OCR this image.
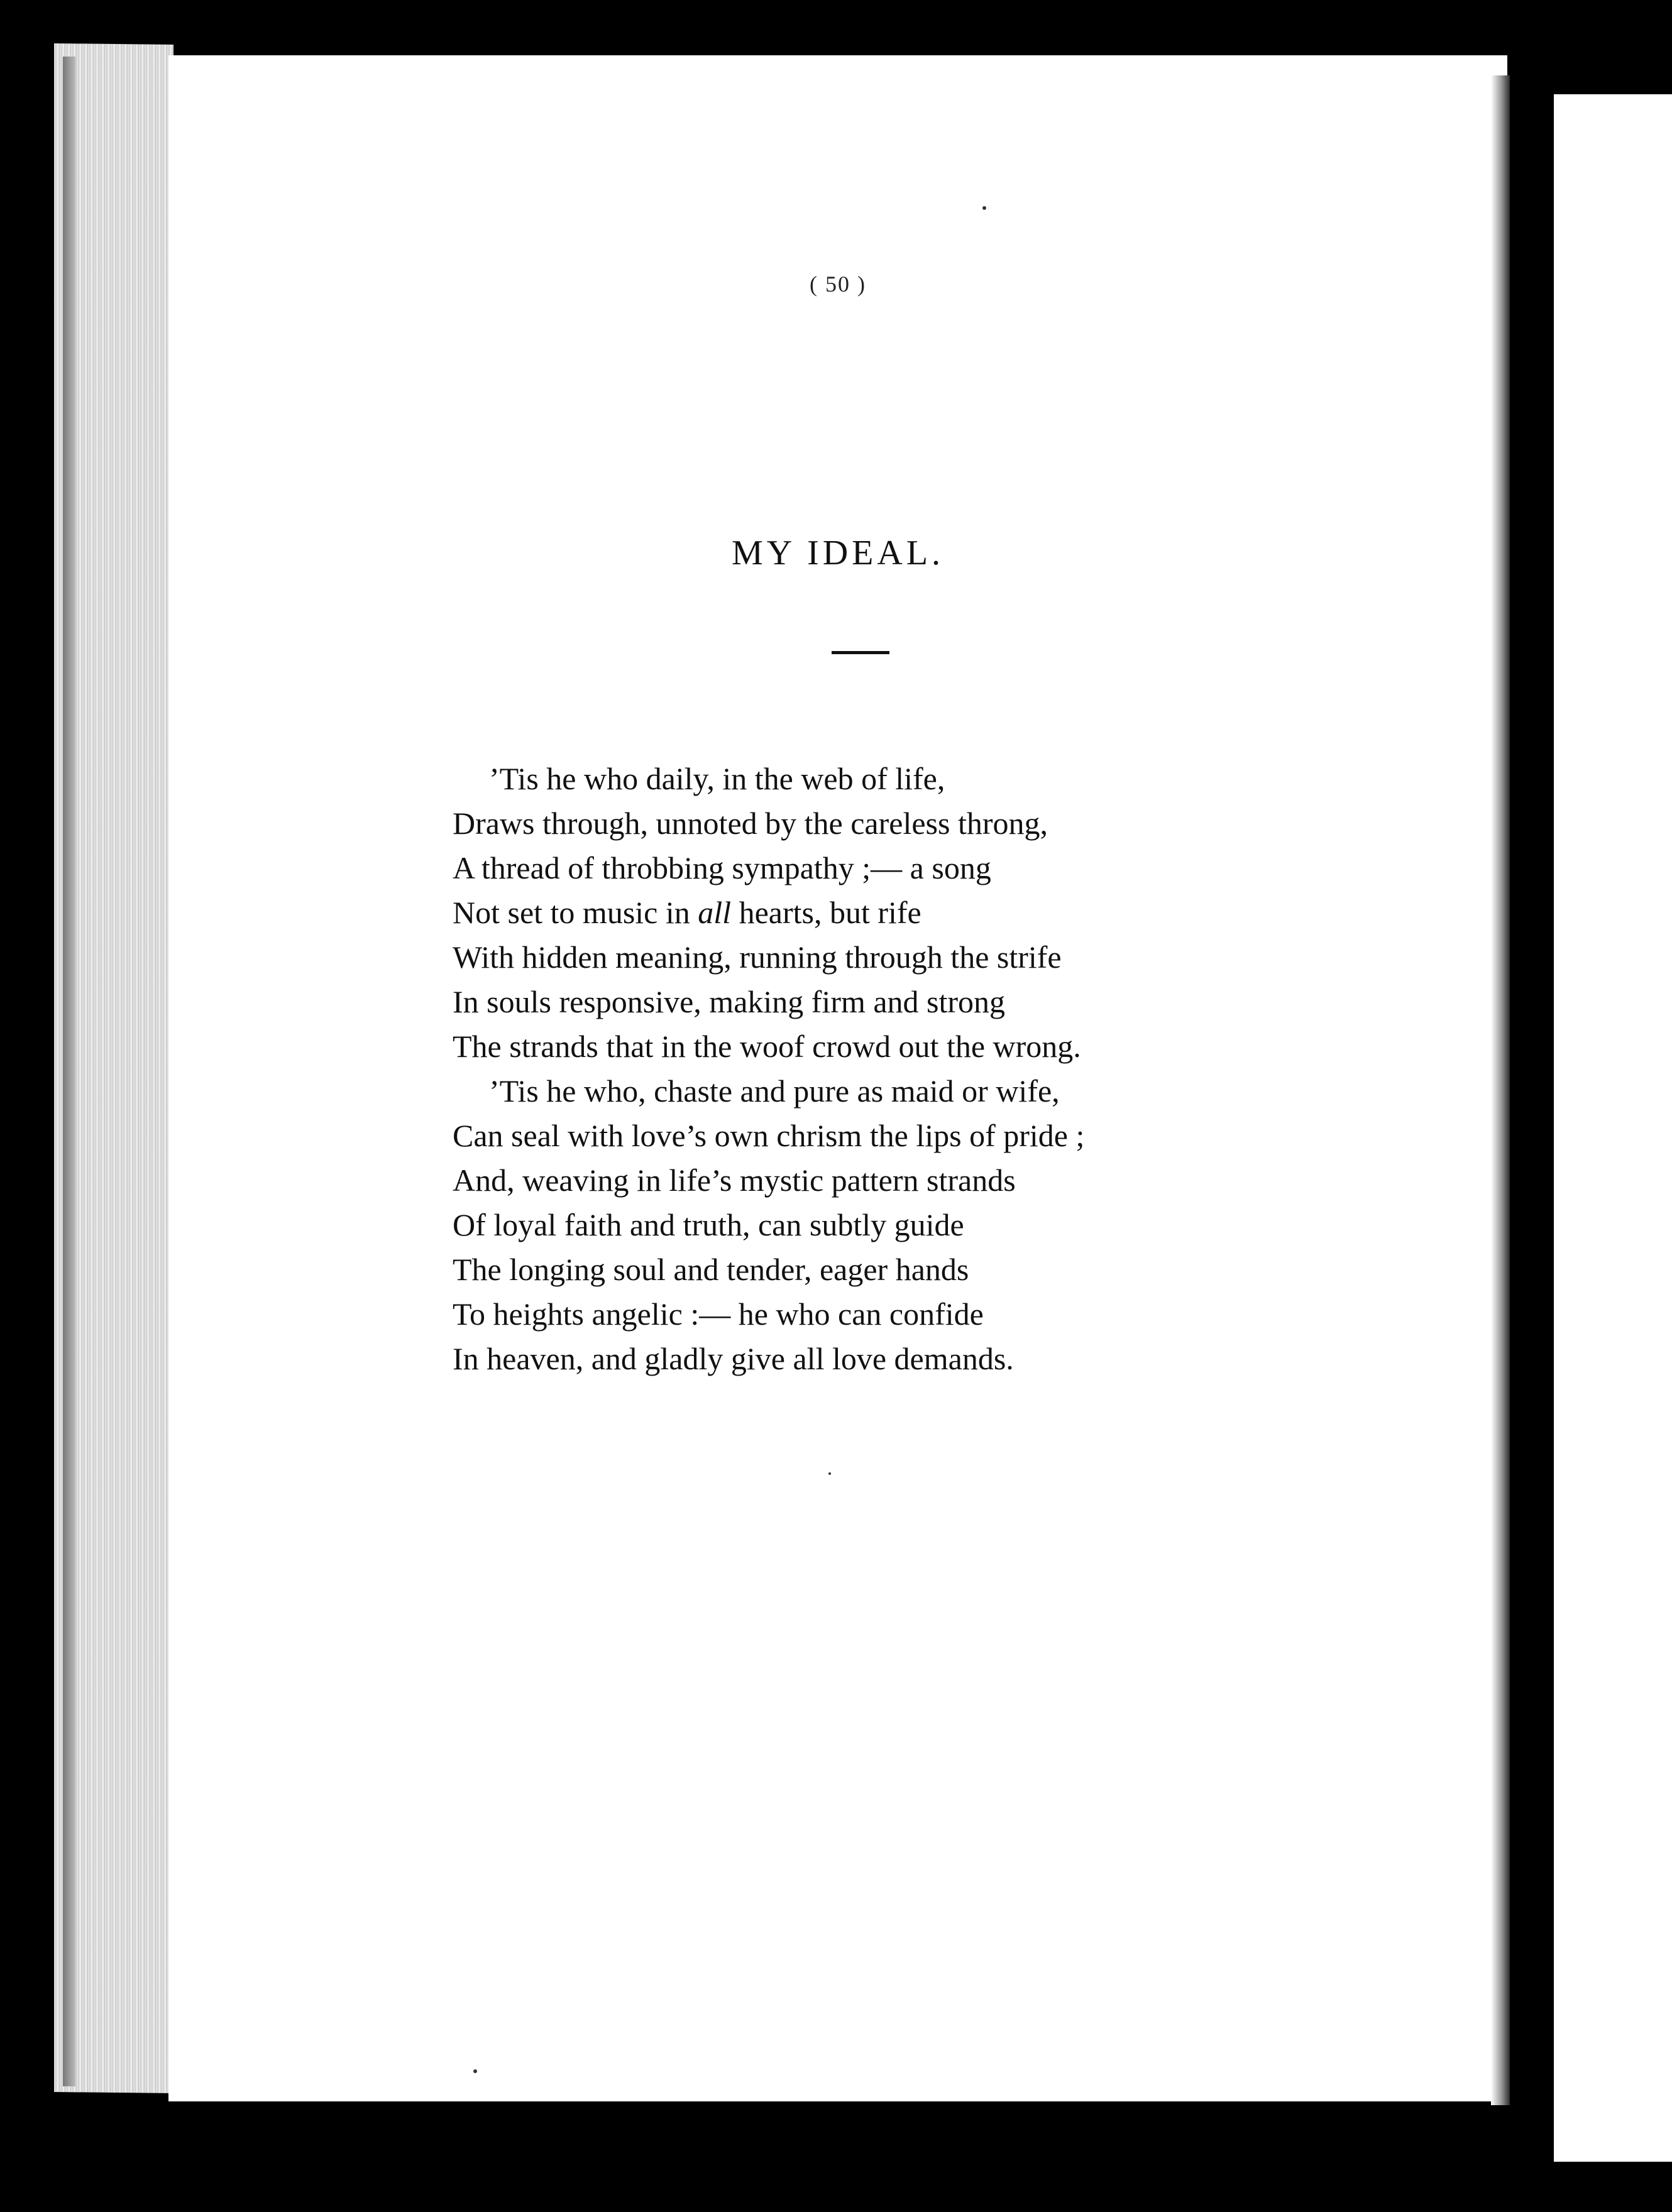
( 50 )
MY IDEAL.
’Tis he who daily, in the web of life,
Draws through, unnoted by the careless throng,
A thread of throbbing sympathy ;— a song
Not set to music in all hearts, but rife
With hidden meaning, running through the strife
In souls responsive, making firm and strong
The strands that in the woof crowd out the wrong.
’Tis he who, chaste and pure as maid or wife,
Can seal with love’s own chrism the lips of pride ;
And, weaving in life’s mystic pattern strands
Of loyal faith and truth, can subtly guide
The longing soul and tender, eager hands
To heights angelic :— he who can confide
In heaven, and gladly give all love demands.
